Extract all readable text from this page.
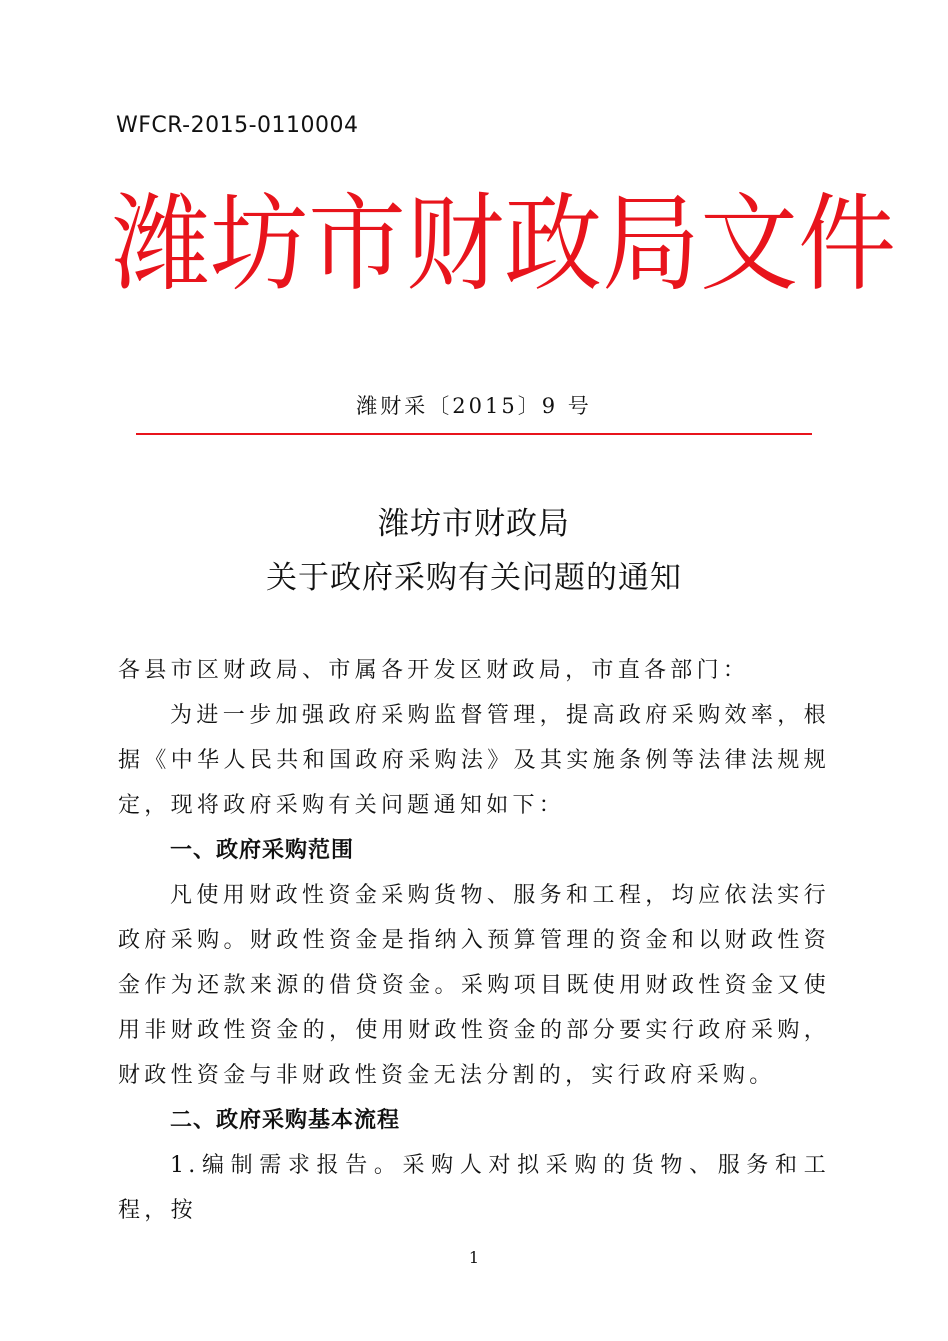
WFCR-2015-0110004
潍坊市财政局文件
潍财采〔2015〕9 号
潍坊市财政局
关于政府采购有关问题的通知

各县市区财政局、市属各开发区财政局，市直各部门：

为进一步加强政府采购监督管理，提高政府采购效率，根据《中华人民共和国政府采购法》及其实施条例等法律法规规定，现将政府采购有关问题通知如下：

一、政府采购范围

凡使用财政性资金采购货物、服务和工程，均应依法实行政府采购。财政性资金是指纳入预算管理的资金和以财政性资金作为还款来源的借贷资金。采购项目既使用财政性资金又使用非财政性资金的，使用财政性资金的部分要实行政府采购，财政性资金与非财政性资金无法分割的，实行政府采购。

二、政府采购基本流程

1.编制需求报告。采购人对拟采购的货物、服务和工程，按

1
